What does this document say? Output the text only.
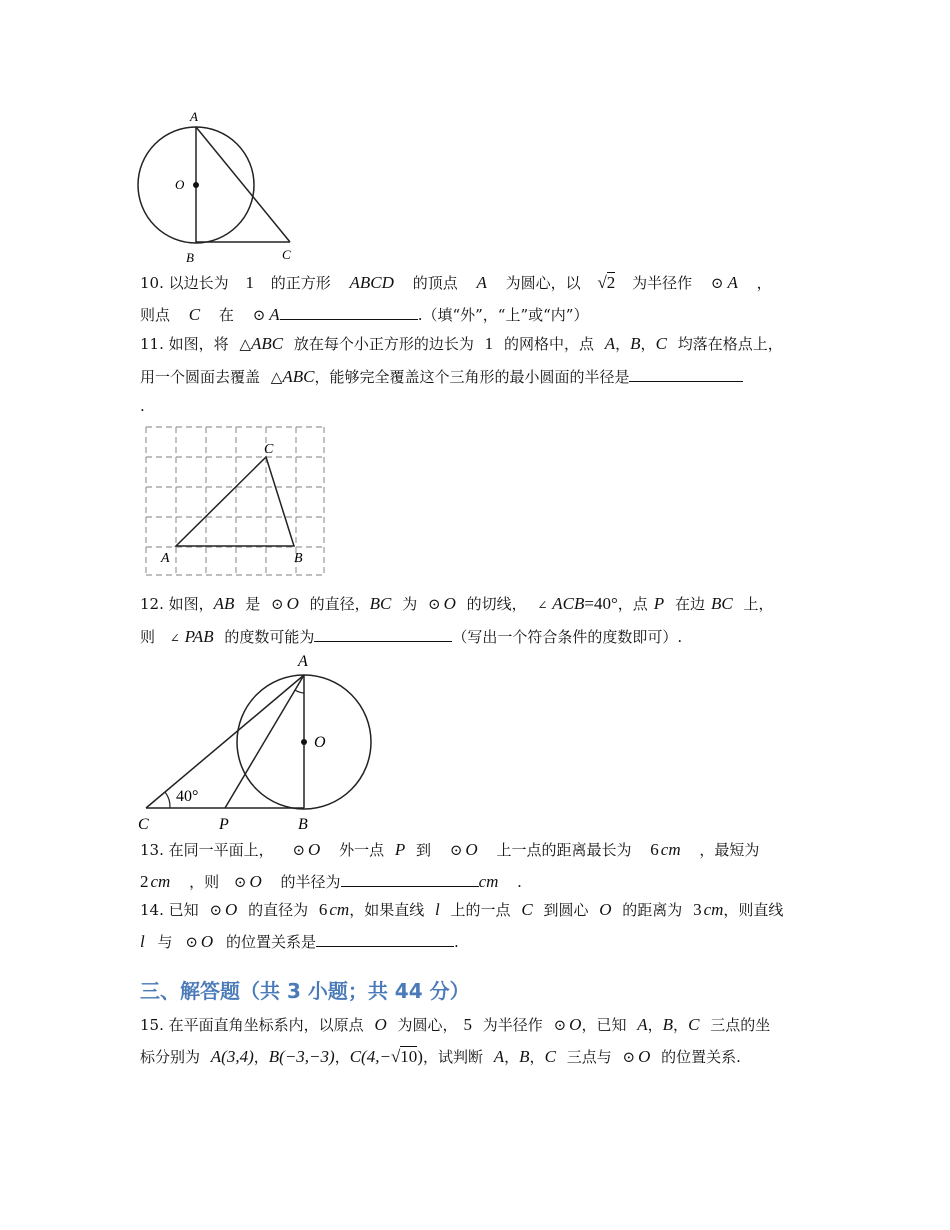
A
O
B	C
10. 以边长为 1 的正方形 ABCD 的顶点 A 为圆心，以 √2 为半径作 ⊙ A ，
则点 C 在 ⊙ A	.（填“外”，“上”或“内”）
11. 如图，将 △ABC 放在每个小正方形的边长为 1 的网格中，点 A，B，C 均落在格点上，
用一个圆面去覆盖 △ABC，能够完全覆盖这个三角形的最小圆面的半径是
.
C
A	B
12. 如图，AB 是 ⊙ O 的直径，BC 为 ⊙ O 的切线， ∠ ACB=40°，点 P 在边 BC 上，
则 ∠ PAB 的度数可能为	（写出一个符合条件的度数即可）.
A
O
40°
C	P	B
13. 在同一平面上， ⊙ O 外一点 P 到 ⊙ O 上一点的距离最长为 6 cm ，最短为
2 cm ，则 ⊙ O 的半径为	cm .
14. 已知 ⊙ O 的直径为 6 cm，如果直线 l 上的一点 C 到圆心 O 的距离为 3 cm，则直线
l 与 ⊙ O 的位置关系是	.
三、解答题（共 3 小题；共 44 分）
15. 在平面直角坐标系内，以原点 O 为圆心， 5 为半径作 ⊙ O，已知 A，B，C 三点的坐
标分别为 A(3,4)，B(−3,−3)，C(4,−√10)，试判断 A，B，C 三点与 ⊙ O 的位置关系.
